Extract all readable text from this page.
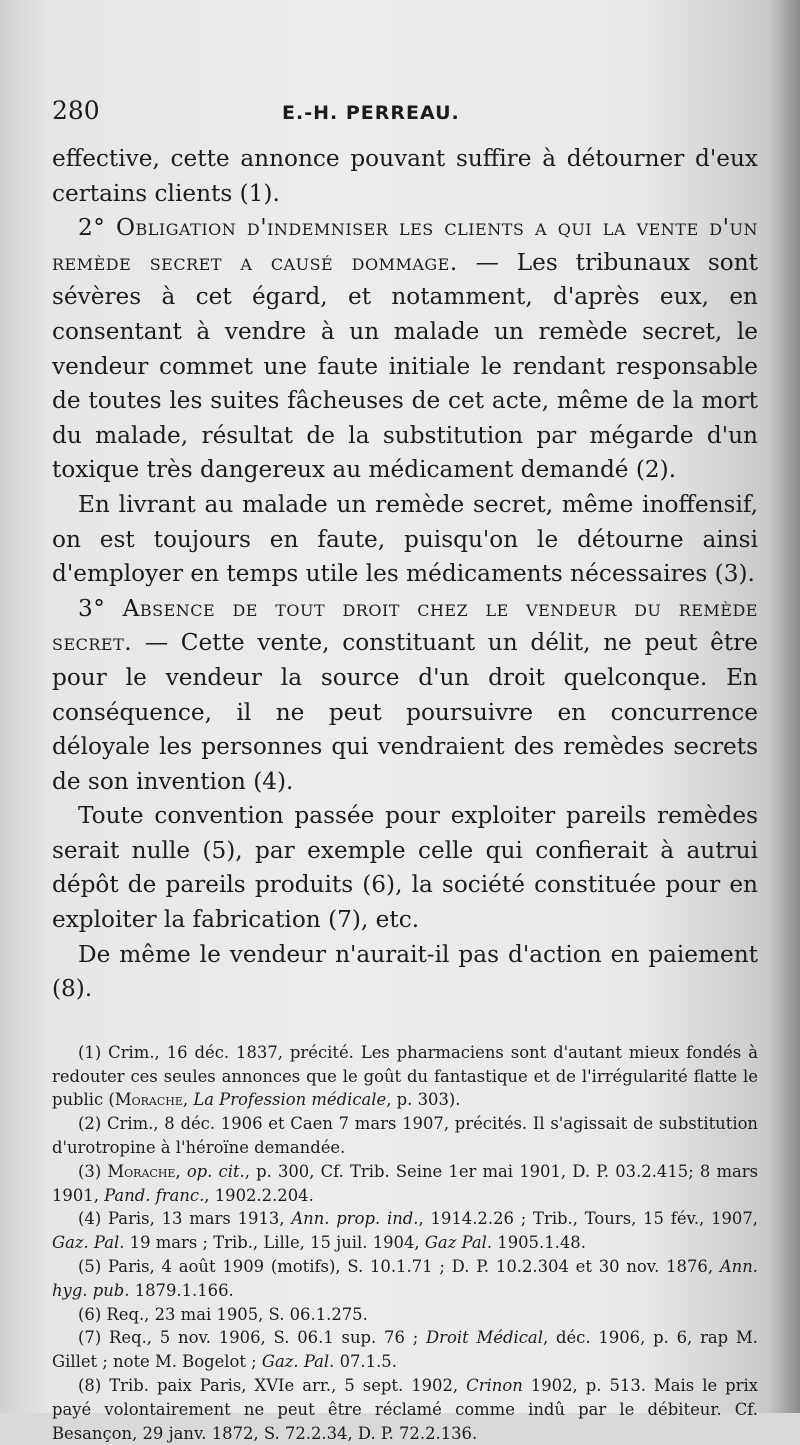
280	E.-H. PERREAU.

effective, cette annonce pouvant suffire à détourner d'eux certains clients (1).

2° Obligation d'indemniser les clients a qui la vente d'un remède secret a causé dommage. — Les tribunaux sont sévères à cet égard, et notamment, d'après eux, en consentant à vendre à un malade un remède secret, le vendeur commet une faute initiale le rendant responsable de toutes les suites fâcheuses de cet acte, même de la mort du malade, résultat de la substitution par mégarde d'un toxique très dangereux au médicament demandé (2).

En livrant au malade un remède secret, même inoffensif, on est toujours en faute, puisqu'on le détourne ainsi d'employer en temps utile les médicaments nécessaires (3).

3° Absence de tout droit chez le vendeur du remède secret. — Cette vente, constituant un délit, ne peut être pour le vendeur la source d'un droit quelconque. En conséquence, il ne peut poursuivre en concurrence déloyale les personnes qui vendraient des remèdes secrets de son invention (4).

Toute convention passée pour exploiter pareils remèdes serait nulle (5), par exemple celle qui confierait à autrui dépôt de pareils produits (6), la société constituée pour en exploiter la fabrication (7), etc.

De même le vendeur n'aurait-il pas d'action en paiement (8).

(1) Crim., 16 déc. 1837, précité. Les pharmaciens sont d'autant mieux fondés à redouter ces seules annonces que le goût du fantastique et de l'irrégularité flatte le public (Morache, La Profession médicale, p. 303).

(2) Crim., 8 déc. 1906 et Caen 7 mars 1907, précités. Il s'agissait de substitution d'urotropine à l'héroïne demandée.

(3) Morache, op. cit., p. 300, Cf. Trib. Seine 1er mai 1901, D. P. 03.2.415; 8 mars 1901, Pand. franc., 1902.2.204.

(4) Paris, 13 mars 1913, Ann. prop. ind., 1914.2.26 ; Trib., Tours, 15 fév., 1907, Gaz. Pal. 19 mars ; Trib., Lille, 15 juil. 1904, Gaz Pal. 1905.1.48.

(5) Paris, 4 août 1909 (motifs), S. 10.1.71 ; D. P. 10.2.304 et 30 nov. 1876, Ann. hyg. pub. 1879.1.166.

(6) Req., 23 mai 1905, S. 06.1.275.

(7) Req., 5 nov. 1906, S. 06.1 sup. 76 ; Droit Médical, déc. 1906, p. 6, rap M. Gillet ; note M. Bogelot ; Gaz. Pal. 07.1.5.

(8) Trib. paix Paris, XVIe arr., 5 sept. 1902, Crinon 1902, p. 513. Mais le prix payé volontairement ne peut être réclamé comme indû par le débiteur. Cf. Besançon, 29 janv. 1872, S. 72.2.34, D. P. 72.2.136.
